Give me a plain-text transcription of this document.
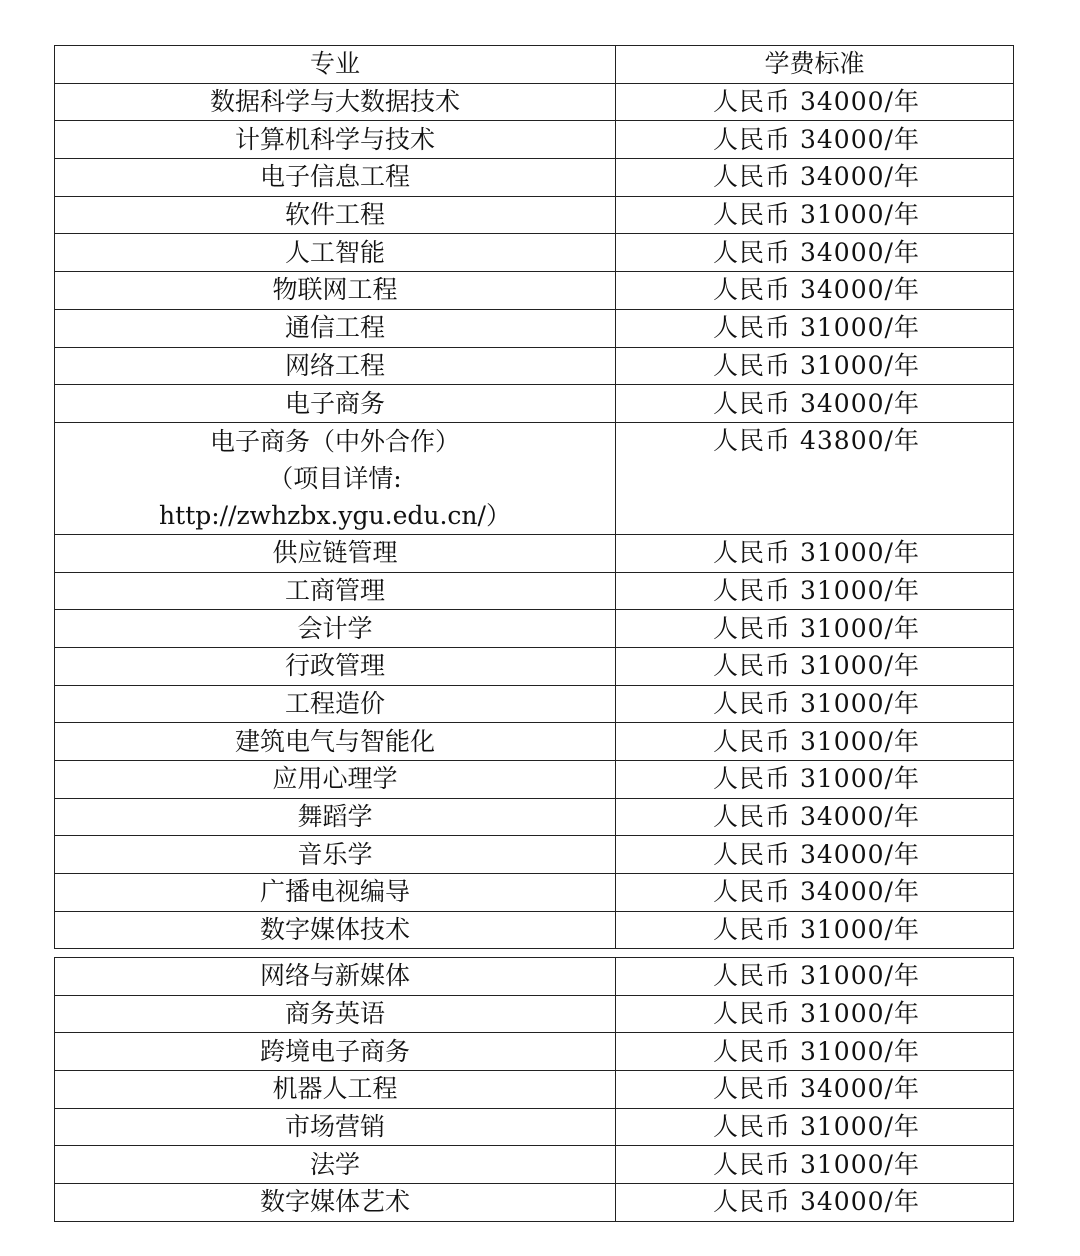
专业	学费标准
数据科学与大数据技术	人民币 34000/年
计算机科学与技术	人民币 34000/年
电子信息工程	人民币 34000/年
软件工程	人民币 31000/年
人工智能	人民币 34000/年
物联网工程	人民币 34000/年
通信工程	人民币 31000/年
网络工程	人民币 31000/年
电子商务	人民币 34000/年

电子商务（中外合作）
（项目详情:
http://zwhzbx.ygu.edu.cn/）	人民币 43800/年
供应链管理	人民币 31000/年
工商管理	人民币 31000/年
会计学	人民币 31000/年
行政管理	人民币 31000/年
工程造价	人民币 31000/年
建筑电气与智能化	人民币 31000/年
应用心理学	人民币 31000/年
舞蹈学	人民币 34000/年
音乐学	人民币 34000/年
广播电视编导	人民币 34000/年
数字媒体技术	人民币 31000/年
网络与新媒体	人民币 31000/年
商务英语	人民币 31000/年
跨境电子商务	人民币 31000/年
机器人工程	人民币 34000/年
市场营销	人民币 31000/年
法学	人民币 31000/年
数字媒体艺术	人民币 34000/年
